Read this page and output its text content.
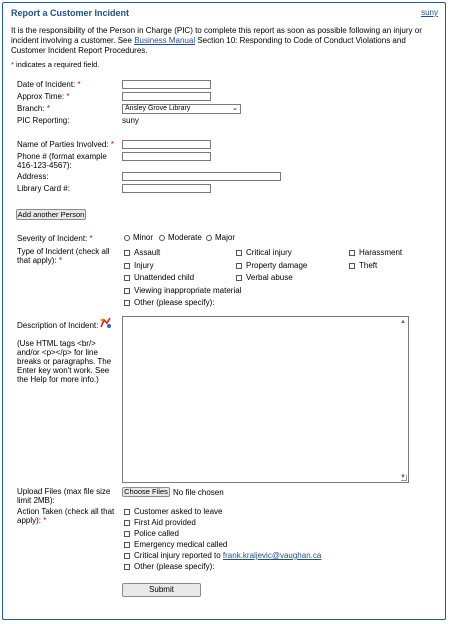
Report a Customer Incident	suny
It is the responsibility of the Person in Charge (PIC) to complete this report as soon as possible following an injury or incident involving a customer. See Business Manual Section 10: Responding to Code of Conduct Violations and Customer Incident Report Procedures.
* indicates a required field.
Date of Incident: *
Approx Time: *
Branch: *	Ansley Grove Library	⌄
PIC Reporting:	suny
Name of Parties Involved: *
Phone # (format example 416-123-4567):
Address:
Library Card #:
Add another Person
Severity of Incident: *	Minor	Moderate	Major
Type of Incident (check all that apply): *
Assault	Critical injury	Harassment
Injury	Property damage	Theft
Unattended child	Verbal abuse
Viewing inappropriate material
Other (please specify):
Description of Incident:
(Use HTML tags <br/> and/or <p></p> for line breaks or paragraphs. The Enter key won't work. See the Help for more info.)
▲
▼
Upload Files (max file size limit 2MB):
Choose Files No file chosen
Action Taken (check all that apply): *
Customer asked to leave
First Aid provided
Police called
Emergency medical called
Critical injury reported to frank.kraljevic@vaughan.ca
Other (please specify):
Submit
